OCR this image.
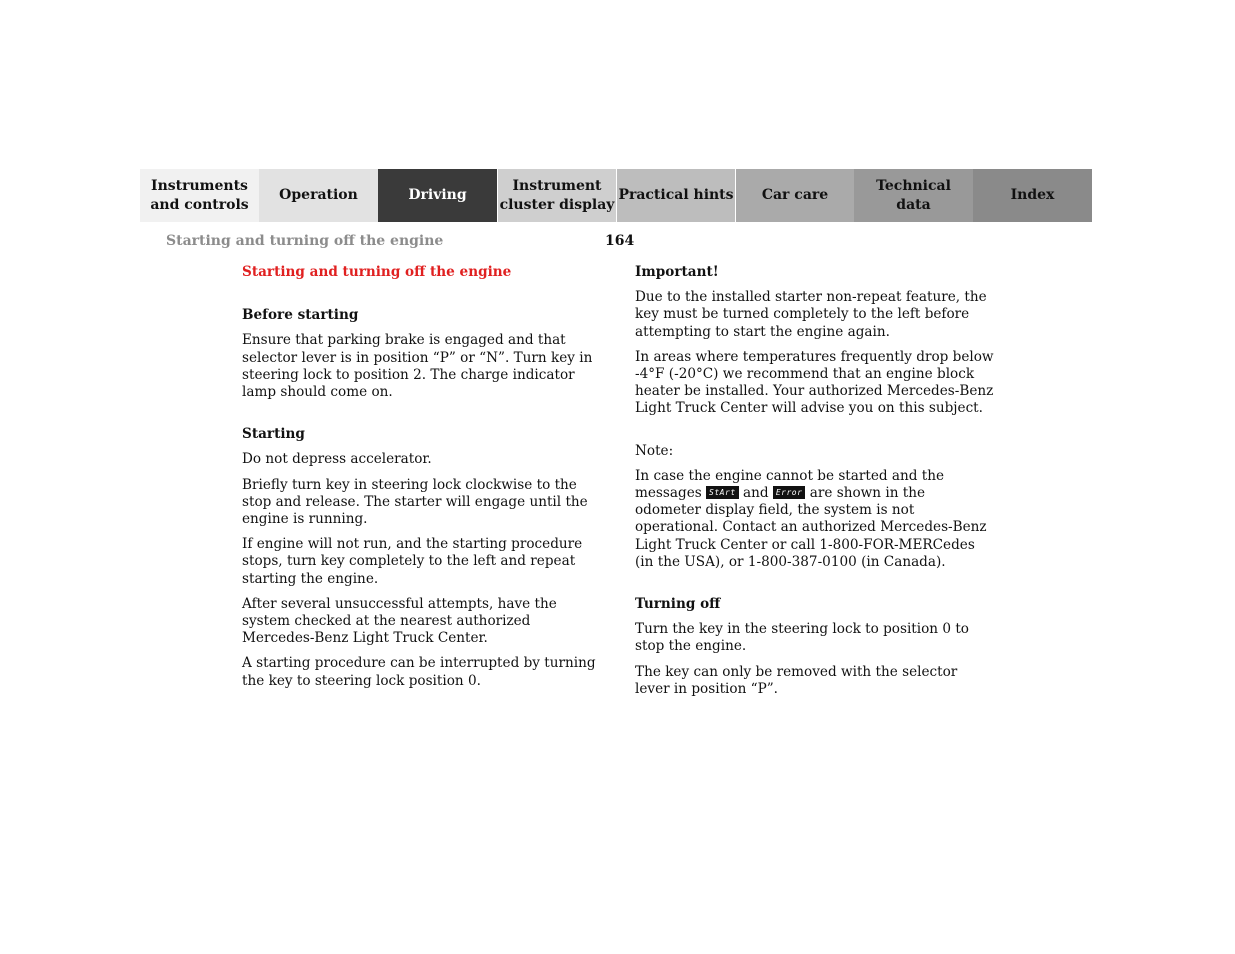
Instruments
and controls
Operation	Driving
Instrument
cluster display
Practical hints	Car care
Technical
data
Index
Starting and turning off the engine	164
Starting and turning off the engine
Before starting

Ensure that parking brake is engaged and that selector lever is in position “P” or “N”. Turn key in steering lock to position 2. The charge indicator lamp should come on.

Starting

Do not depress accelerator.

Briefly turn key in steering lock clockwise to the stop and release. The starter will engage until the engine is running.

If engine will not run, and the starting procedure stops, turn key completely to the left and repeat starting the engine.

After several unsuccessful attempts, have the system checked at the nearest authorized Mercedes-Benz Light Truck Center.

A starting procedure can be interrupted by turning the key to steering lock position 0.

Important!

Due to the installed starter non-repeat feature, the key must be turned completely to the left before attempting to start the engine again.

In areas where temperatures frequently drop below -4°F (-20°C) we recommend that an engine block heater be installed. Your authorized Mercedes-Benz Light Truck Center will advise you on this subject.

Note:

In case the engine cannot be started and the messages StArt and Error are shown in the odometer display field, the system is not operational. Contact an authorized Mercedes-Benz Light Truck Center or call 1-800-FOR-MERCedes (in the USA), or 1-800-387-0100 (in Canada).

Turning off

Turn the key in the steering lock to position 0 to stop the engine.

The key can only be removed with the selector lever in position “P”.
